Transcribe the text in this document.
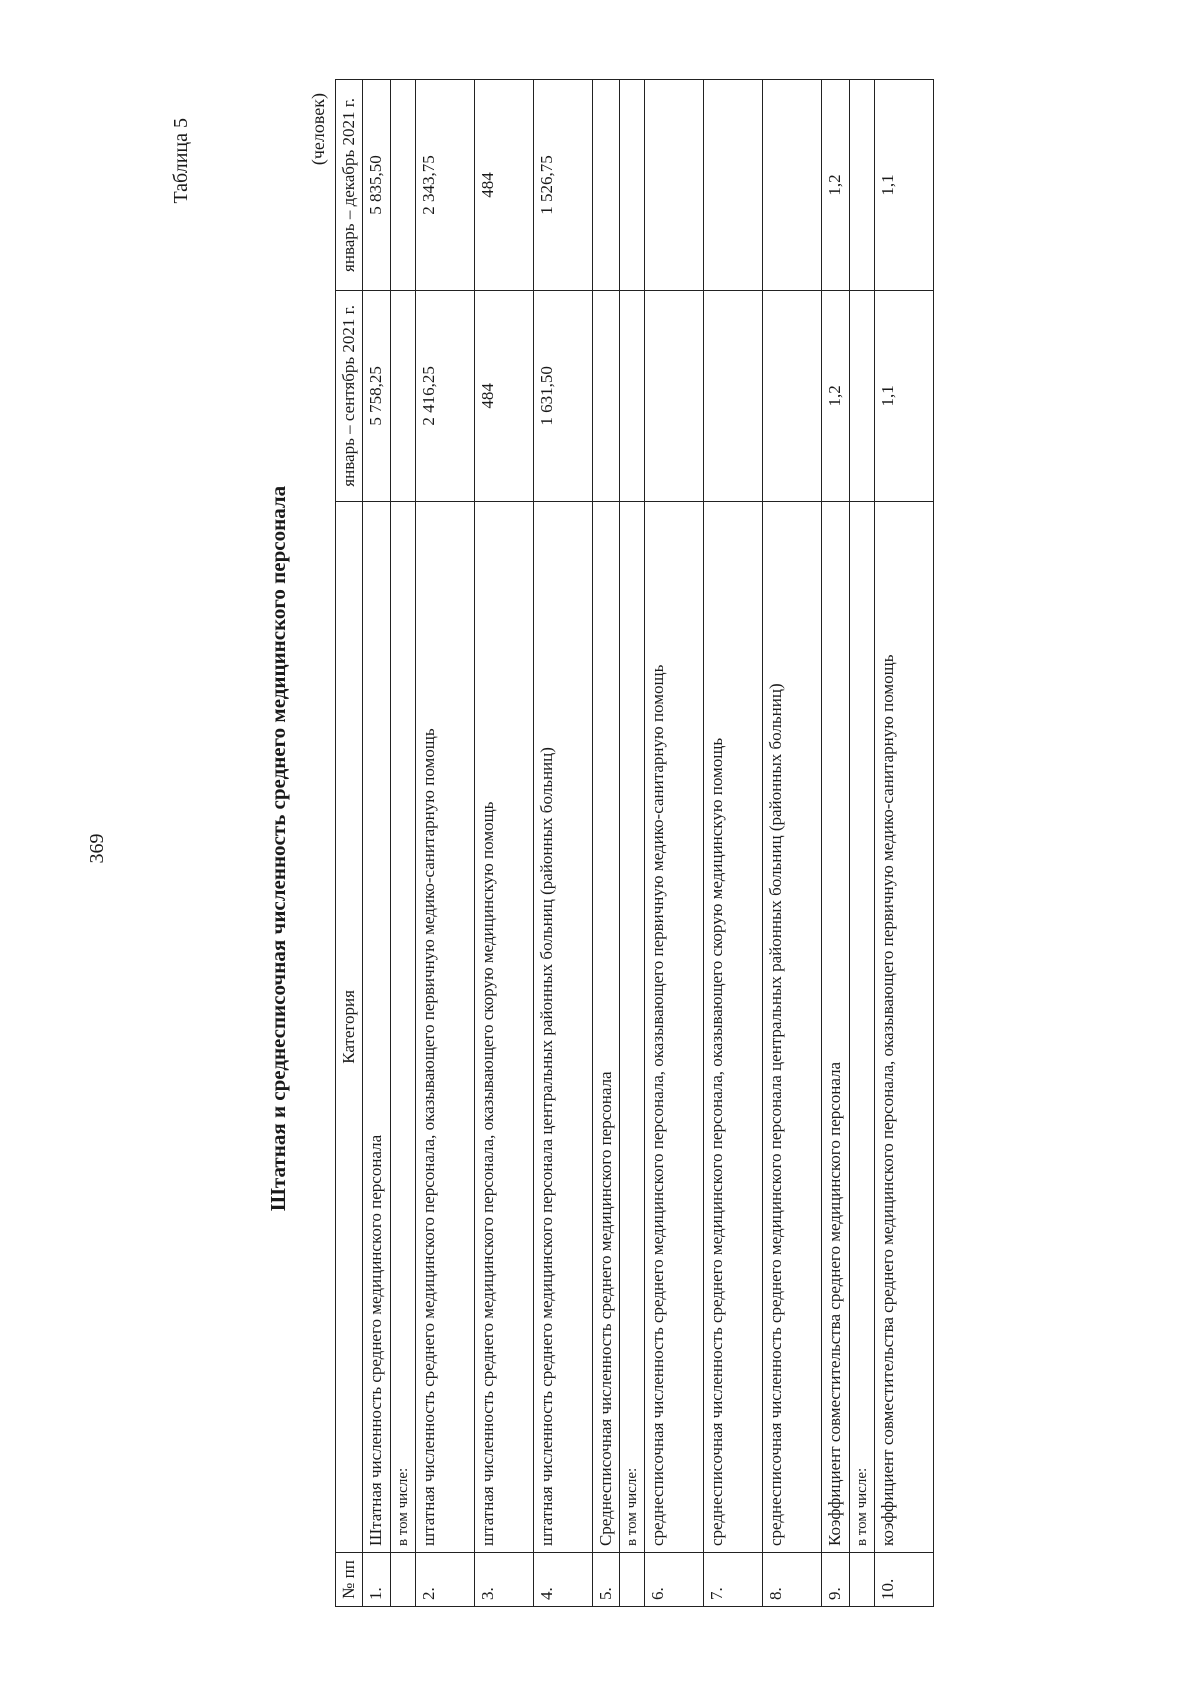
369
Таблица 5
Штатная и среднесписочная численность среднего медицинского персонала
(человек)
№ пп	Категория	январь – сентябрь 2021 г.	январь – декабрь 2021 г.
1.	Штатная численность среднего медицинского персонала	5 758,25	5 835,50
	в том числе:		
2.	штатная численность среднего медицинского персонала, оказывающего первичную медико-санитарную помощь	2 416,25	2 343,75
3.	штатная численность среднего медицинского персонала, оказывающего скорую медицинскую помощь	484	484
4.	штатная численность среднего медицинского персонала центральных районных больниц (районных больниц)	1 631,50	1 526,75
5.	Среднесписочная численность среднего медицинского персонала		
	в том числе:		
6.	среднесписочная численность среднего медицинского персонала, оказывающего первичную медико-санитарную помощь		
7.	среднесписочная численность среднего медицинского персонала, оказывающего скорую медицинскую помощь		
8.	среднесписочная численность среднего медицинского персонала центральных районных больниц (районных больниц)		
9.	Коэффициент совместительства среднего медицинского персонала	1,2	1,2
	в том числе:		
10.	коэффициент совместительства среднего медицинского персонала, оказывающего первичную медико-санитарную помощь	1,1	1,1
